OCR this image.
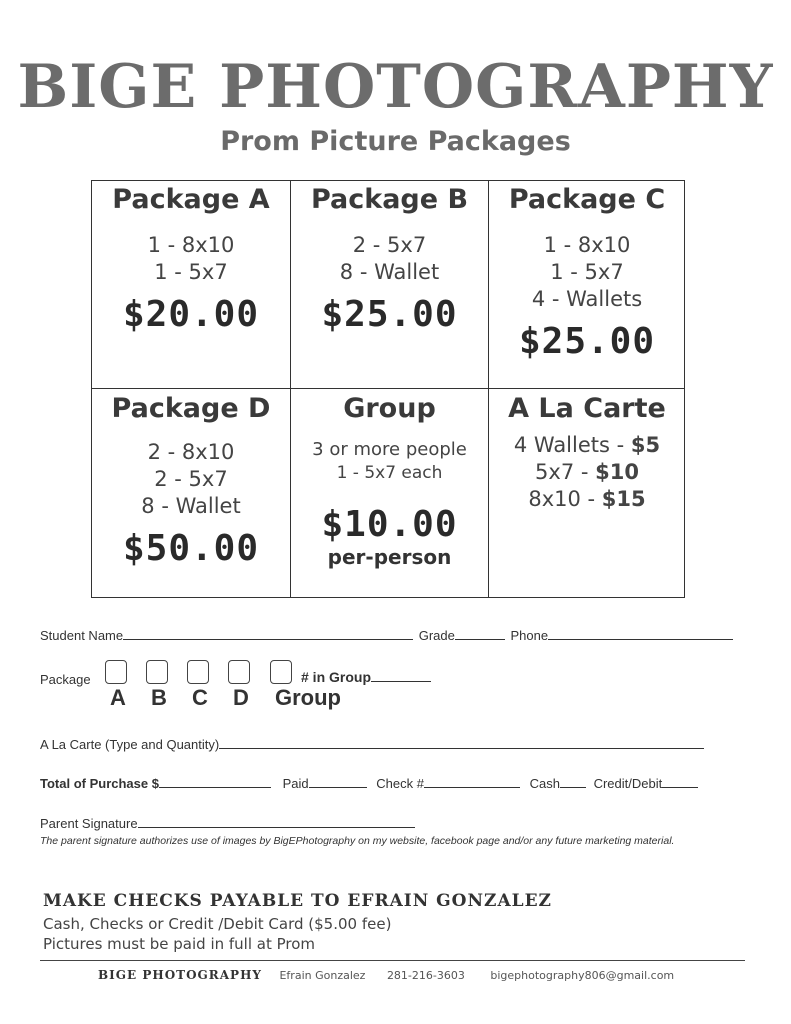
BIGE PHOTOGRAPHY
Prom Picture Packages
Package A
1 - 8x10
1 - 5x7
$20.00
Package B
2 - 5x7
8 - Wallet
$25.00
Package C
1 - 8x10
1 - 5x7
4 - Wallets
$25.00
Package D
2 - 8x10
2 - 5x7
8 - Wallet
$50.00
Group
3 or more people
1 - 5x7 each
$10.00
per-person
A La Carte
4 Wallets - $5
5x7 - $10
8x10 - $15
Student Name	Grade	Phone
Package
A B C D Group
# in Group
A La Carte (Type and Quantity)
Total of Purchase $	Paid	Check #	Cash	Credit/Debit
Parent Signature
The parent signature authorizes use of images by BigEPhotography on my website, facebook page and/or any future marketing material.
MAKE CHECKS PAYABLE TO EFRAIN GONZALEZ
Cash, Checks or Credit /Debit Card ($5.00 fee)
Pictures must be paid in full at Prom
BIGE PHOTOGRAPHY Efrain Gonzalez 281-216-3603 bigephotography806@gmail.com
